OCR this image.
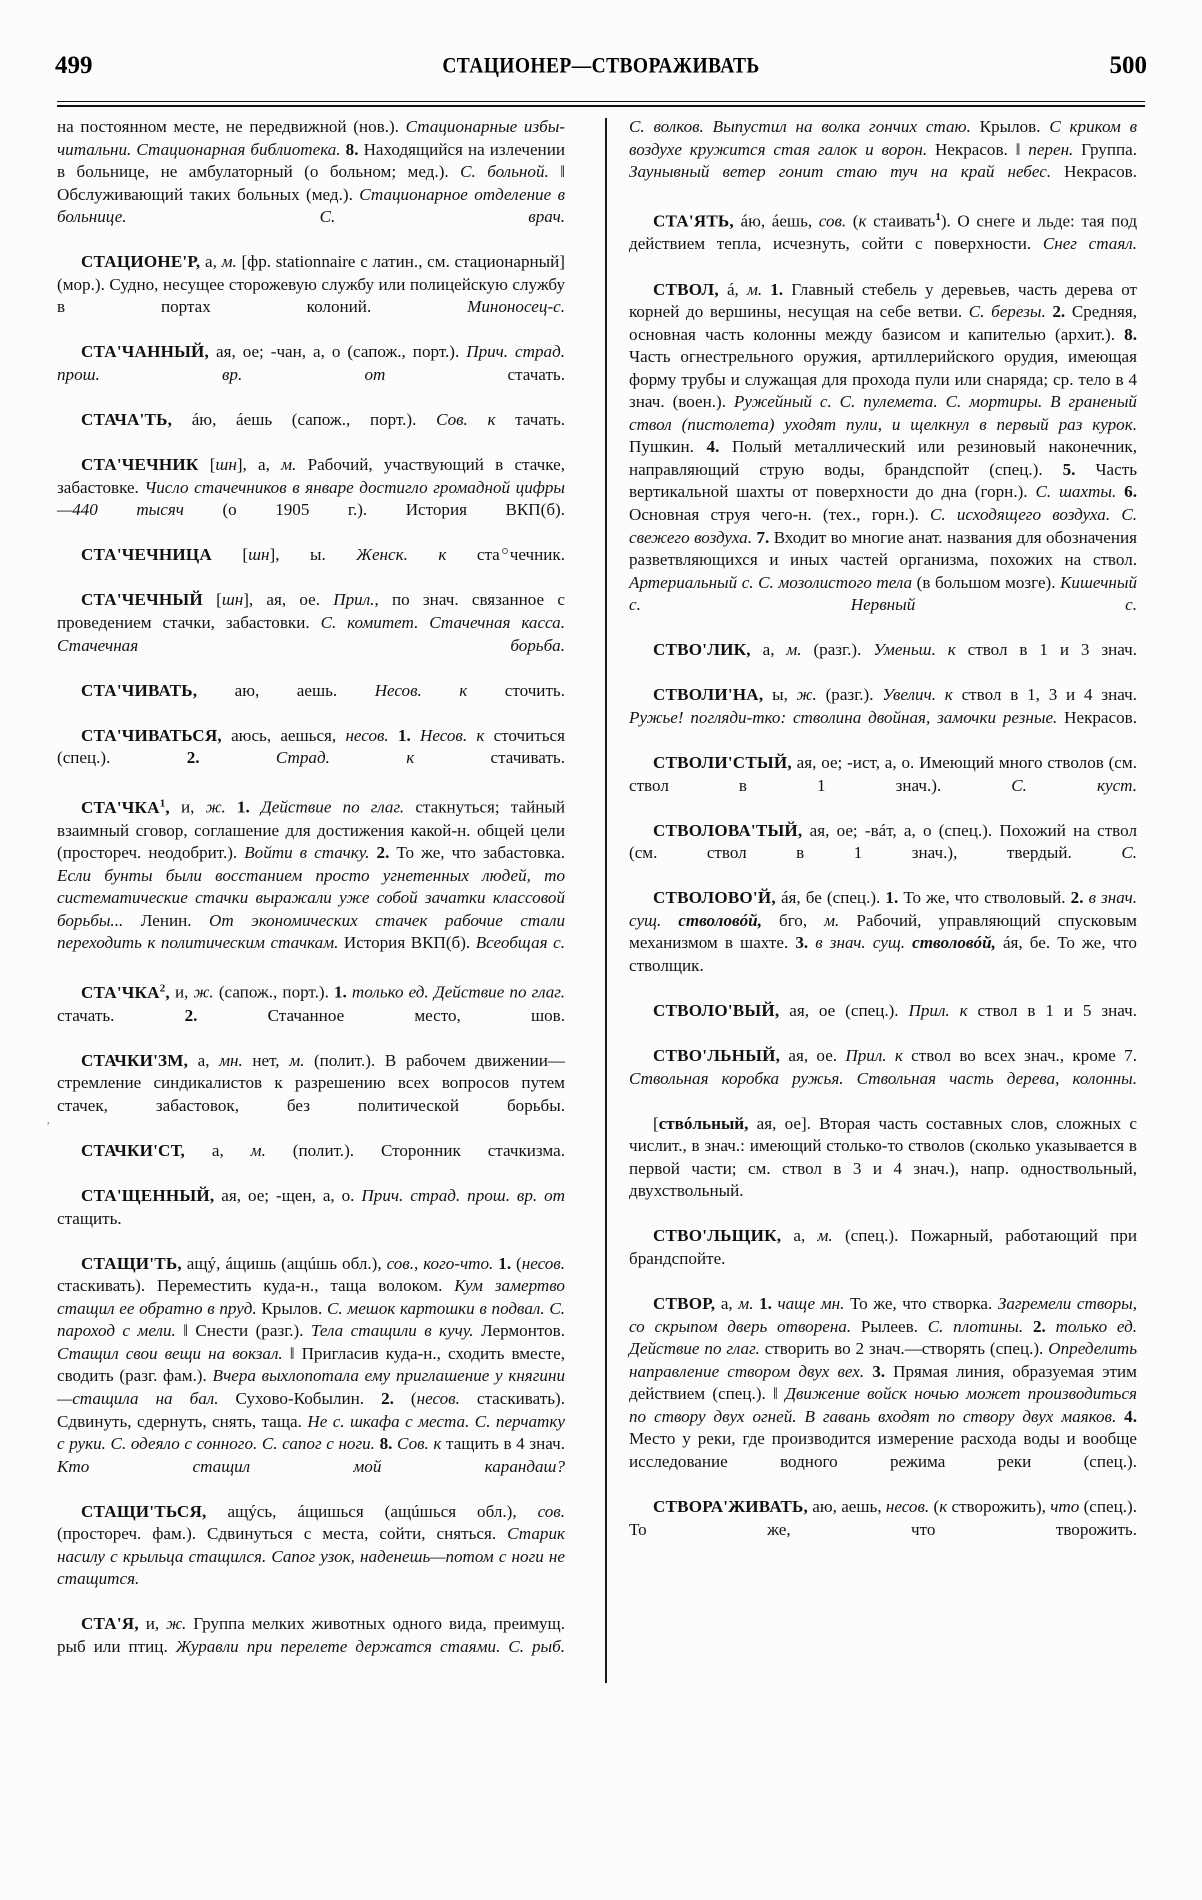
499	СТАЦИОНЕР—СТВОРАЖИВАТЬ	500
˒

на постоянном месте, не передвижной (нов.). Стационарные избы-читальни. Стационарная библиотека. 8. Находящийся на излечении в больнице, не амбулаторный (о больном; мед.). С. больной. ‖ Обслуживающий таких больных (мед.). Стационарное отделение в больнице. С. врач.

СТАЦИОНЕ'Р, а, м. [фр. stationnaire с латин., см. стационарный] (мор.). Судно, несущее сторожевую службу или полицейскую службу в портах колоний. Миноносец-с.

СТА'ЧАННЫЙ, ая, ое; -чан, а, о (сапож., порт.). Прич. страд. прош. вр. от стачать.

СТАЧА'ТЬ, áю, áешь (сапож., порт.). Сов. к тачать.

СТА'ЧЕЧНИК [шн], а, м. Рабочий, участвующий в стачке, забастовке. Число стачечников в январе достигло громадной цифры—440 тысяч (о 1905 г.). История ВКП(б).

СТА'ЧЕЧНИЦА [шн], ы. Женск. к ста чечник.

СТА'ЧЕЧНЫЙ [шн], ая, ое. Прил., по знач. связанное с проведением стачки, забастовки. С. комитет. Стачечная касса. Стачечная борьба.

СТА'ЧИВАТЬ, аю, аешь. Несов. к сточить.

СТА'ЧИВАТЬСЯ, аюсь, аешься, несов. 1. Несов. к сточиться (спец.). 2.	Страд. к стачивать.

СТА'ЧКА$^1$, и, ж. 1. Действие по глаг. стакнуться; тайный взаимный сговор, соглашение для достижения какой-н. общей цели (простореч. неодобрит.). Войти в стачку. 2. То же, что забастовка. Если бунты были восстанием просто угнетенных людей, то систематические стачки выражали уже собой зачатки классовой борьбы... Ленин. От экономических стачек рабочие стали переходить к политическим стачкам. История ВКП(б). Всеобщая с.

СТА'ЧКА$^2$, и, ж. (сапож., порт.). 1. только ед. Действие по глаг. стачать. 2. Стачанное место, шов.

СТАЧКИ'ЗМ, а, мн. нет, м. (полит.). В рабочем движении—стремление синдикалистов к разрешению всех вопросов путем стачек, забастовок, без политической борьбы.

СТАЧКИ'СТ, а, м. (полит.). Сторонник стачкизма.

СТА'ЩЕННЫЙ, ая, ое; -щен, а, о. Прич. страд. прош. вр. от стащить.

СТАЩИ'ТЬ, ащý, áщишь (ащúшь обл.), сов., кого-что. 1. (несов. стаскивать). Переместить куда-н., таща волоком. Кум замертво стащил ее обратно в пруд. Крылов. С. мешок картошки в подвал. С. пароход с мели. ‖ Снести (разг.). Тела стащили в кучу. Лермонтов. Стащил свои вещи на вокзал. ‖ Пригласив куда-н., сходить вместе, сводить (разг. фам.). Вчера выхлопотала ему приглашение у княгини—стащила на бал. Сухово-Кобылин. 2. (несов. стаскивать). Сдвинуть, сдернуть, снять, таща. Не с. шкафа с места. С. перчатку с руки. С. одеяло с сонного. С. сапог с ноги. 8. Сов. к тащить в 4 знач. Кто стащил мой карандаш?

СТАЩИ'ТЬСЯ, ащýсь, áщишься (ащúшься обл.), сов. (простореч. фам.). Сдвинуться с места, сойти, сняться. Старик насилу с крыльца стащился. Сапог узок, наденешь—потом с ноги не стащится.

СТА'Я, и, ж. Группа мелких животных одного вида, преимущ. рыб или птиц. Журавли при перелете держатся стаями. С. рыб.

С. волков. Выпустил на волка гончих стаю. Крылов. С криком в воздухе кружится стая галок и ворон. Некрасов. ‖ перен. Группа. Заунывный ветер гонит стаю туч на край небес. Некрасов.

СТА'ЯТЬ, áю, áешь, сов. (к стаивать$^1$). О снеге и льде: тая под действием тепла, исчезнуть, сойти с поверхности. Снег стаял.

СТВОЛ, á, м. 1. Главный стебель у деревьев, часть дерева от корней до вершины, несущая на себе ветви. С. березы. 2. Средняя, основная часть колонны между базисом и капителью (архит.). 8. Часть огнестрельного оружия, артиллерийского орудия, имеющая форму трубы и служащая для прохода пули или снаряда; ср. тело в 4 знач. (воен.). Ружейный с. С. пулемета. С. мортиры. В граненый ствол (пистолета) уходят пули, и щелкнул в первый раз курок. Пушкин. 4. Полый металлический или резиновый наконечник, направляющий струю воды, брандспойт (спец.). 5. Часть вертикальной шахты от поверхности до дна (горн.). С. шахты. 6. Основная струя чего-н. (тех., горн.). С. исходящего воздуха. С. свежего воздуха. 7. Входит во многие анат. названия для обозначения разветвляющихся и иных частей организма, похожих на ствол. Артериальный с. С. мозолистого тела (в большом мозге). Кишечный с. Нервный с.

СТВО'ЛИК, а, м. (разг.). Уменьш. к ствол в 1 и 3 знач.

СТВОЛИ'НА, ы, ж. (разг.). Увелич. к ствол в 1, 3 и 4 знач. Ружье! погляди-тко: стволина двойная, замочки резные. Некрасов.

СТВОЛИ'СТЫЙ, ая, ое; -ист, а, о. Имеющий много стволов (см. ствол в 1 знач.). С. куст.

СТВОЛОВА'ТЫЙ, ая, ое; -вáт, а, о (спец.). Похожий на ствол (см. ствол в 1 знач.), твердый. С.

СТВОЛОВО'Й, áя, бе (спец.). 1. То же, что стволовый. 2. в знач. сущ. стволовóй, бго, м. Рабочий, управляющий спусковым механизмом в шахте. 3. в знач. сущ. стволовóй, áя, бе. То же, что стволщик.

СТВОЛО'ВЫЙ, ая, ое (спец.). Прил. к ствол в 1 и 5 знач.

СТВО'ЛЬНЫЙ, ая, ое. Прил. к ствол во всех знач., кроме 7. Ствольная коробка ружья. Ствольная часть дерева, колонны.

[ствóльный, ая, ое]. Вторая часть составных слов, сложных с числит., в знач.: имеющий столько-то стволов (сколько указывается в первой части; см. ствол в 3 и 4 знач.), напр. одноствольный, двухствольный.

СТВО'ЛЬЩИК, а, м. (спец.). Пожарный, работающий при брандспойте.

СТВОР, а, м. 1. чаще мн. То же, что створка. Загремели створы, со скрыпом дверь отворена. Рылеев. С. плотины. 2. только ед. Действие по глаг. створить во 2 знач.—створять (спец.). Определить направление створом двух вех. 3. Прямая линия, образуемая этим действием (спец.). ‖ Движение войск ночью может производиться по створу двух огней. В гавань входят по створу двух маяков. 4. Место у реки, где производится измерение расхода воды и вообще исследование водного режима реки (спец.).

СТВОРА'ЖИВАТЬ, аю, аешь, несов. (к створожить), что (спец.). То же, что творожить.
